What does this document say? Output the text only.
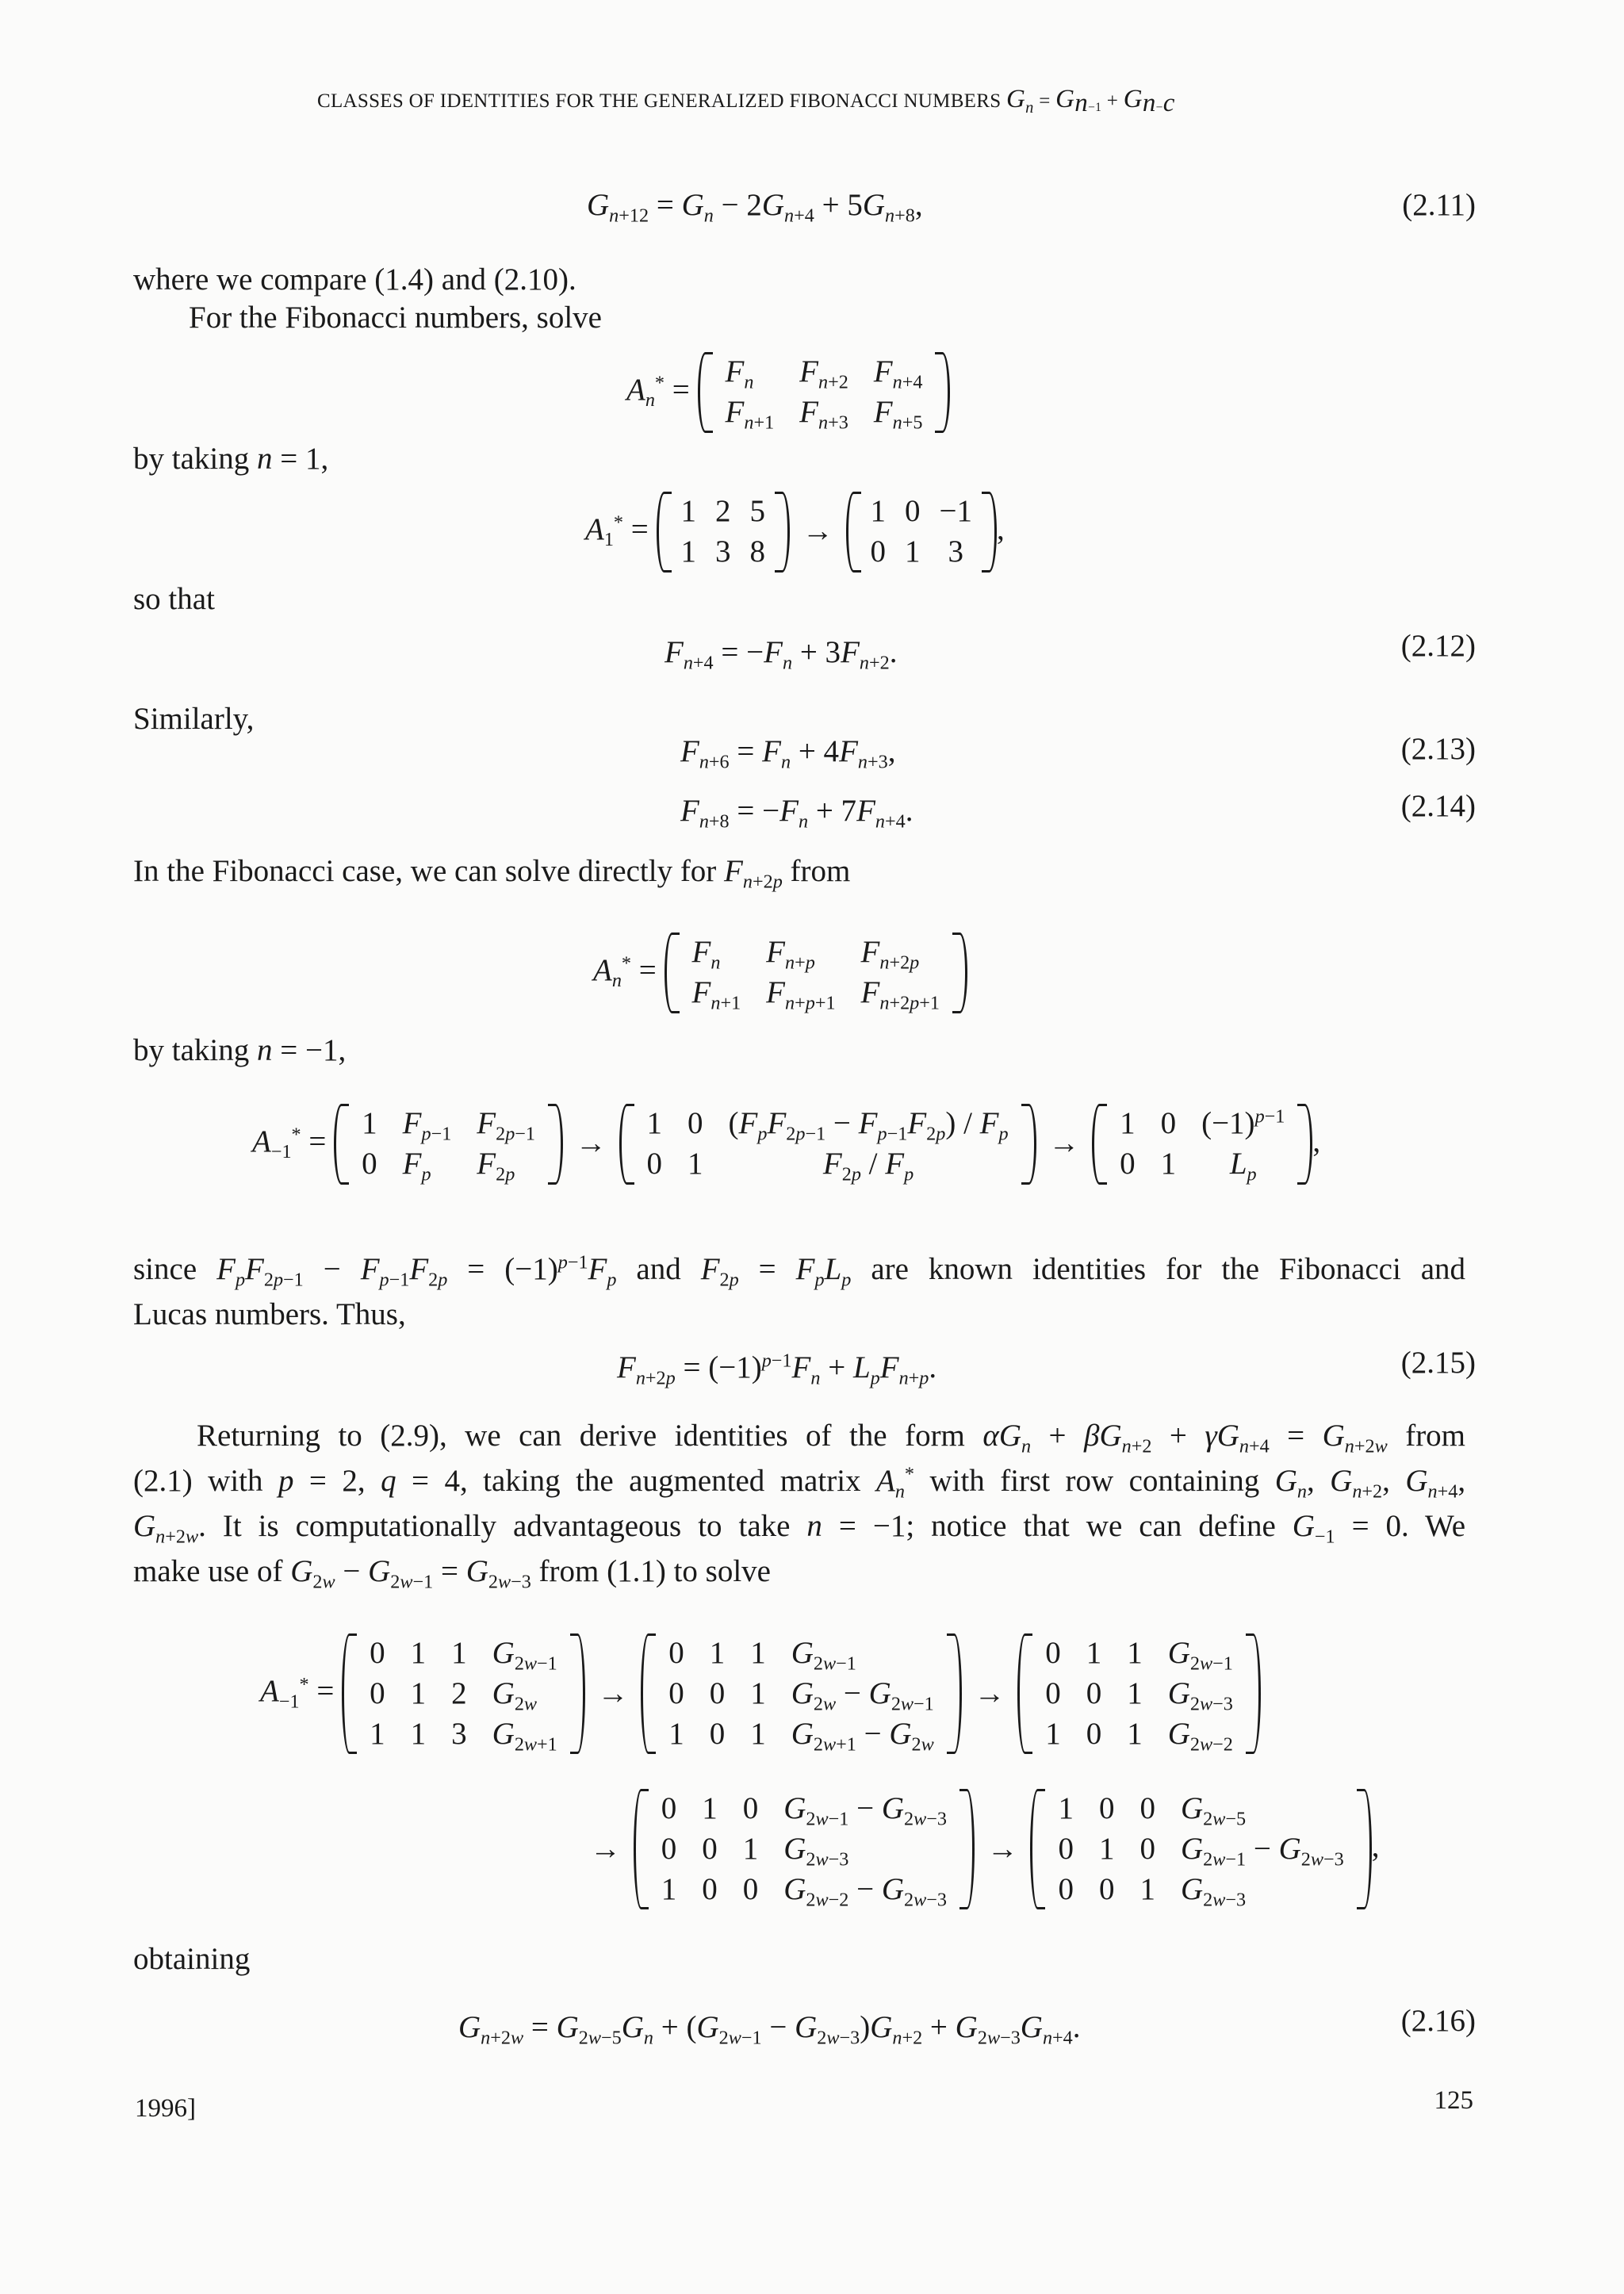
CLASSES OF IDENTITIES FOR THE GENERALIZED FIBONACCI NUMBERS $G_n = G_{n-1} + G_{n-c}$
$G_{n+12} = G_n - 2G_{n+4} + 5G_{n+8}$,	(2.11)
where we compare (1.4) and (2.10).
For the Fibonacci numbers, solve
$A_n^*$ =
$F_n$	$F_{n+2}$	$F_{n+4}$
$F_{n+1}$	$F_{n+3}$	$F_{n+5}$
by taking n = 1,
$A_1^*$ =
1	2	5
1	3	8
→
1	0	−1
0	1	3
,
so that
$F_{n+4} = -F_n + 3F_{n+2}$.	(2.12)
Similarly,
$F_{n+6} = F_n + 4F_{n+3}$,	(2.13)
$F_{n+8} = -F_n + 7F_{n+4}$.	(2.14)
In the Fibonacci case, we can solve directly for $F_{n+2p}$ from
$A_n^*$ =
$F_n$	$F_{n+p}$	$F_{n+2p}$
$F_{n+1}$	$F_{n+p+1}$	$F_{n+2p+1}$
by taking n = −1,
$A_{-1}^*$ =
1	$F_{p-1}$	$F_{2p-1}$
0	$F_p$	$F_{2p}$
→
1	0	$(F_pF_{2p-1} - F_{p-1}F_{2p}) / F_p$
0	1	$F_{2p} / F_p$
→
1	0	$(-1)^{p-1}$
0	1	$L_p$
,
since $F_pF_{2p-1} - F_{p-1}F_{2p} = (-1)^{p-1}F_p$ and $F_{2p} = F_pL_p$ are known identities for the Fibonacci and
Lucas numbers. Thus,
$F_{n+2p} = (-1)^{p-1}F_n + L_pF_{n+p}$.	(2.15)
Returning to (2.9), we can derive identities of the form $\alpha G_n + \beta G_{n+2} + \gamma G_{n+4} = G_{n+2w}$ from
(2.1) with p = 2, q = 4, taking the augmented matrix $A_n^*$ with first row containing $G_n$, $G_{n+2}$, $G_{n+4}$,
$G_{n+2w}$. It is computationally advantageous to take n = −1; notice that we can define $G_{-1} = 0$. We
make use of $G_{2w} - G_{2w-1} = G_{2w-3}$ from (1.1) to solve
$A_{-1}^*$ =
0	1	1	$G_{2w-1}$
0	1	2	$G_{2w}$
1	1	3	$G_{2w+1}$
→
0	1	1	$G_{2w-1}$
0	0	1	$G_{2w} - G_{2w-1}$
1	0	1	$G_{2w+1} - G_{2w}$
→
0	1	1	$G_{2w-1}$
0	0	1	$G_{2w-3}$
1	0	1	$G_{2w-2}$
→
0	1	0	$G_{2w-1} - G_{2w-3}$
0	0	1	$G_{2w-3}$
1	0	0	$G_{2w-2} - G_{2w-3}$
→
1	0	0	$G_{2w-5}$
0	1	0	$G_{2w-1} - G_{2w-3}$
0	0	1	$G_{2w-3}$
,
obtaining
$G_{n+2w} = G_{2w-5}G_n + (G_{2w-1} - G_{2w-3})G_{n+2} + G_{2w-3}G_{n+4}$.	(2.16)
1996]	125
